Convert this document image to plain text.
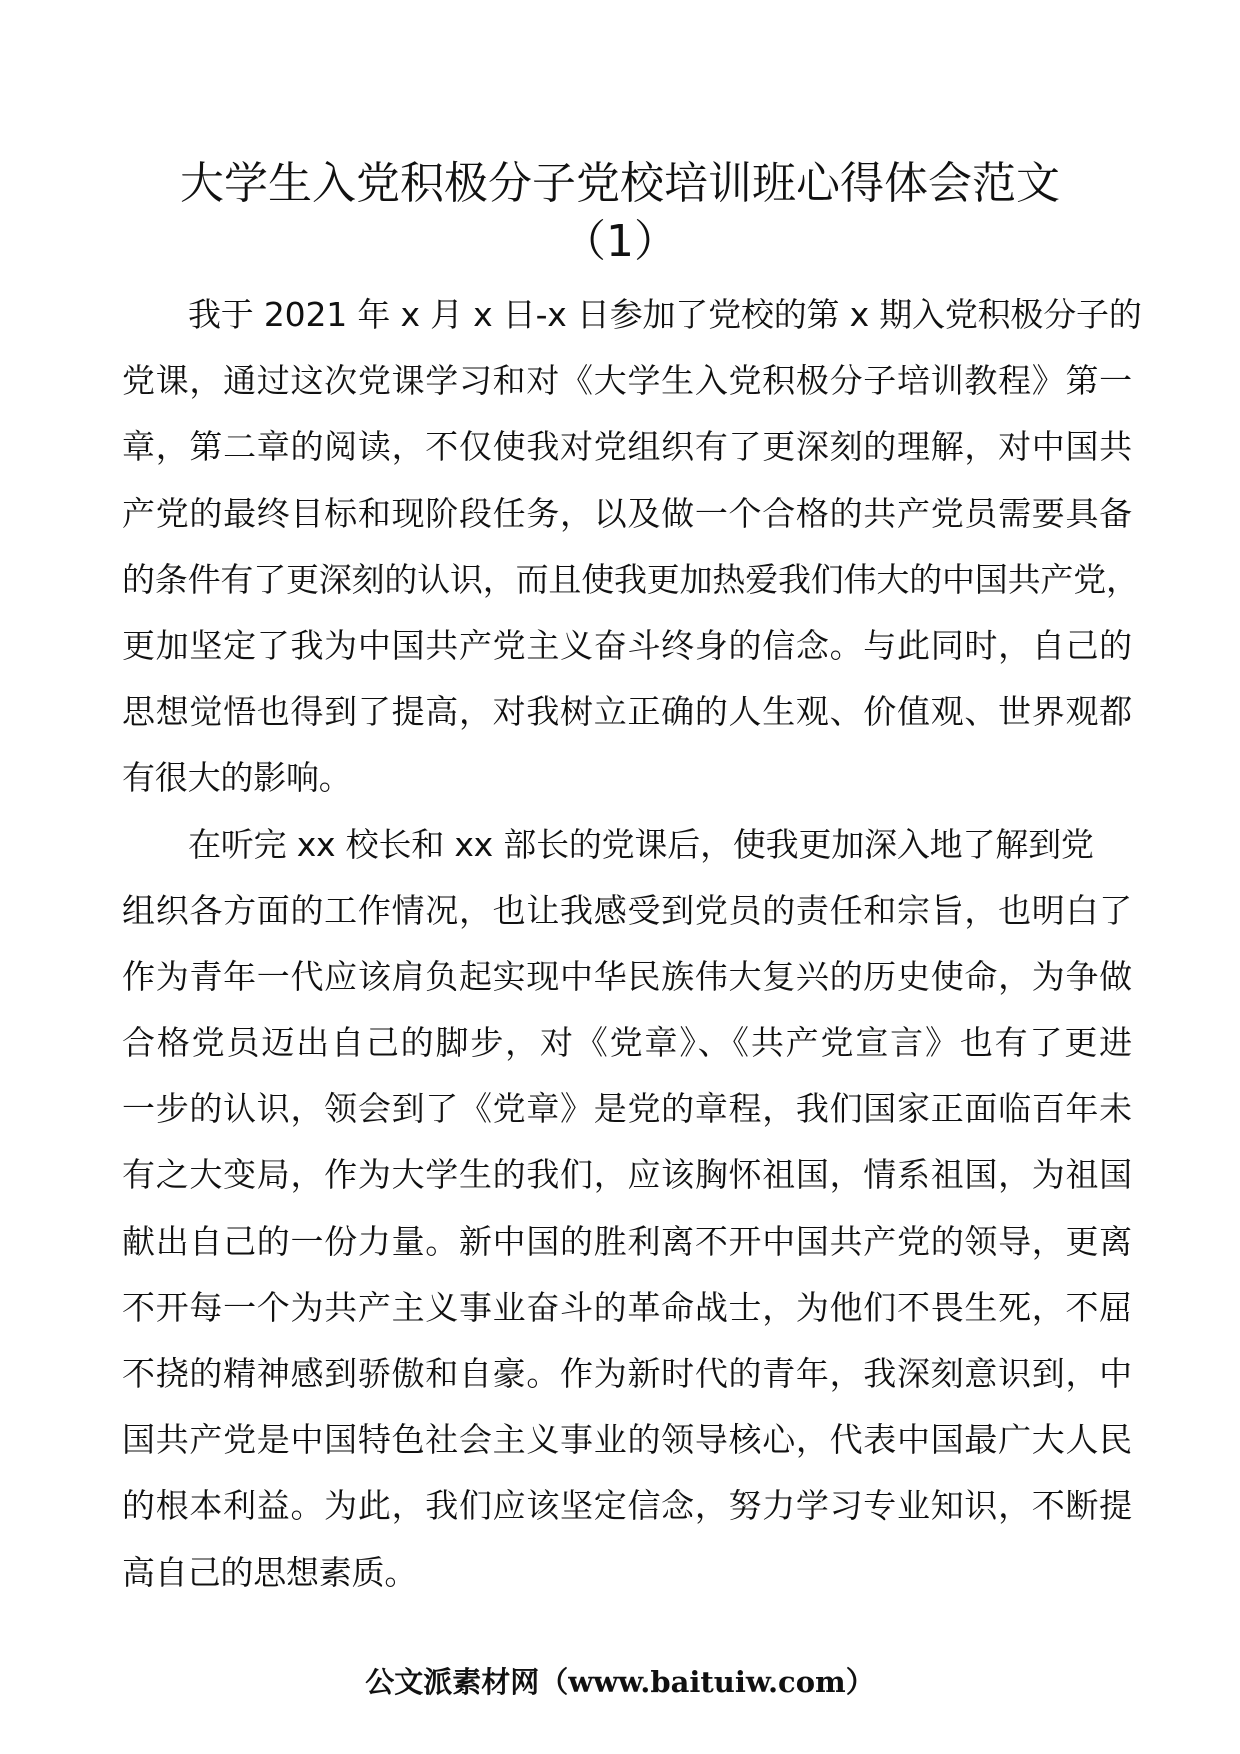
大学生入党积极分子党校培训班心得体会范文
（1）
我于 2021 年 x 月 x 日-x 日参加了党校的第 x 期入党积极分子的
党课，通过这次党课学习和对《大学生入党积极分子培训教程》第一
章，第二章的阅读，不仅使我对党组织有了更深刻的理解，对中国共
产党的最终目标和现阶段任务，以及做一个合格的共产党员需要具备
的条件有了更深刻的认识，而且使我更加热爱我们伟大的中国共产党，
更加坚定了我为中国共产党主义奋斗终身的信念。与此同时，自己的
思想觉悟也得到了提高，对我树立正确的人生观、价值观、世界观都
有很大的影响。
在听完 xx 校长和 xx 部长的党课后，使我更加深入地了解到党
组织各方面的工作情况，也让我感受到党员的责任和宗旨，也明白了
作为青年一代应该肩负起实现中华民族伟大复兴的历史使命，为争做
合格党员迈出自己的脚步，对《党章》、《共产党宣言》也有了更进
一步的认识，领会到了《党章》是党的章程，我们国家正面临百年未
有之大变局，作为大学生的我们，应该胸怀祖国，情系祖国，为祖国
献出自己的一份力量。新中国的胜利离不开中国共产党的领导，更离
不开每一个为共产主义事业奋斗的革命战士，为他们不畏生死，不屈
不挠的精神感到骄傲和自豪。作为新时代的青年，我深刻意识到，中
国共产党是中国特色社会主义事业的领导核心，代表中国最广大人民
的根本利益。为此，我们应该坚定信念，努力学习专业知识，不断提
高自己的思想素质。
公文派素材网（www.baituiw.com）
